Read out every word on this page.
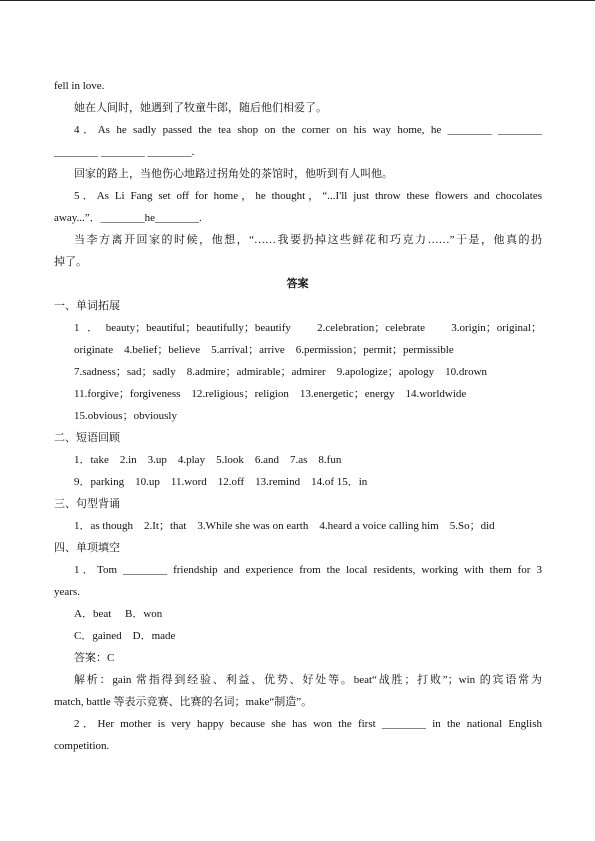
fell in love.
她在人间时，她遇到了牧童牛郎，随后他们相爱了。
4．As he sadly passed the tea shop on the corner on his way home, he ________ ________
________ ________ ________.
回家的路上，当他伤心地路过拐角处的茶馆时，他听到有人叫他。
5．As Li Fang set off for home，he thought，“...I'll just throw these flowers and chocolates
away...”．________he________.
当李方离开回家的时候，他想，“……我要扔掉这些鲜花和巧克力……”于是，他真的扔
掉了。
答案
一、单词拓展
1．beauty；beautiful；beautifully；beautify　2.celebration；celebrate　3.origin；original；
originate　4.belief；believe　5.arrival；arrive　6.permission；permit；permissible
7.sadness；sad；sadly　8.admire；admirable；admirer　9.apologize；apology　10.drown
11.forgive；forgiveness　12.religious；religion　13.energetic；energy　14.worldwide
15.obvious；obviously
二、短语回顾
1．take　2.in　3.up　4.play　5.look　6.and　7.as　8.fun
9．parking　10.up　11.word　12.off　13.remind　14.of 15．in
三、句型背诵
1．as though　2.It；that　3.While she was on earth　4.heard a voice calling him　5.So；did
四、单项填空
1．Tom ________ friendship and experience from the local residents, working with them for 3
years.
A．beat　 B．won
C．gained　D．made
答案：C
解析：gain 常指得到经验、利益、优势、好处等。beat“战胜；打败”；win 的宾语常为
match, battle 等表示竞赛、比赛的名词；make“制造”。
2．Her mother is very happy because she has won the first ________ in the national English
competition.
